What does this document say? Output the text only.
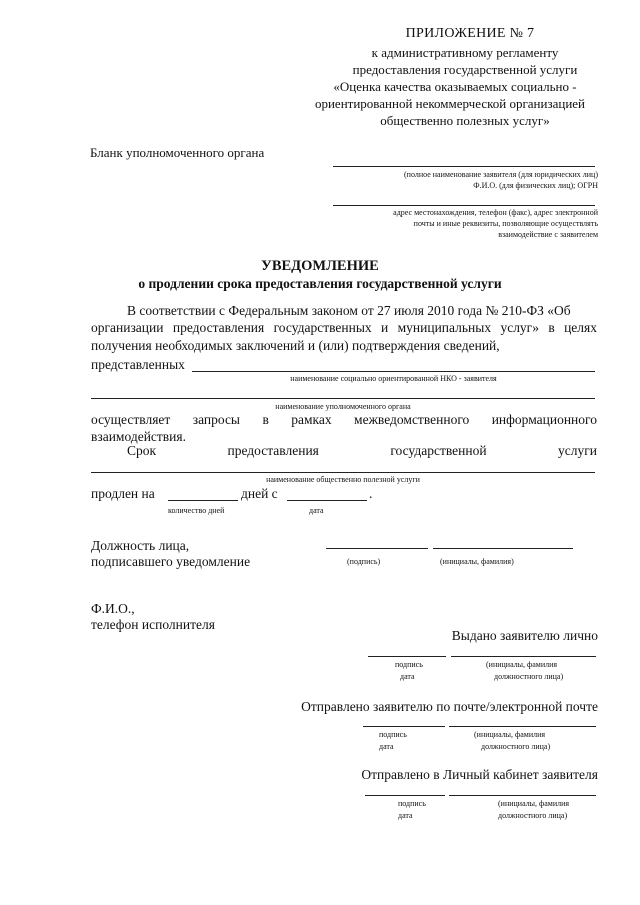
ПРИЛОЖЕНИЕ № 7
к административному регламенту
предоставления государственной услуги
«Оценка качества оказываемых социально -
ориентированной некоммерческой организацией
общественно полезных услуг»
Бланк уполномоченного органа
(полное наименование заявителя (для юридических лиц)
Ф.И.О. (для физических лиц); ОГРН
адрес местонахождения, телефон (факс), адрес электронной
почты и иные реквизиты, позволяющие осуществлять
взаимодействие с заявителем
УВЕДОМЛЕНИЕ
о продлении срока предоставления государственной услуги
В соответствии с Федеральным законом от 27 июля 2010 года № 210-ФЗ «Об
организации предоставления государственных и муниципальных услуг» в целях
получения необходимых заключений и (или) подтверждения сведений,
представленных
наименование социально ориентированной НКО - заявителя
наименование уполномоченного органа
осуществляет запросы в рамках межведомственного информационного
взаимодействия.
Срок предоставления государственной услуги
наименование общественно полезной услуги
продлен на	дней с	.
количество дней	дата
Должность лица,
подписавшего уведомление	(подпись)	(инициалы, фамилия)
Ф.И.О.,
телефон исполнителя
Выдано заявителю лично
подпись
дата
(инициалы, фамилия
должностного лица)
Отправлено заявителю по почте/электронной почте
подпись
дата
(инициалы, фамилия
должностного лица)
Отправлено в Личный кабинет заявителя
подпись
дата
(инициалы, фамилия
должностного лица)
